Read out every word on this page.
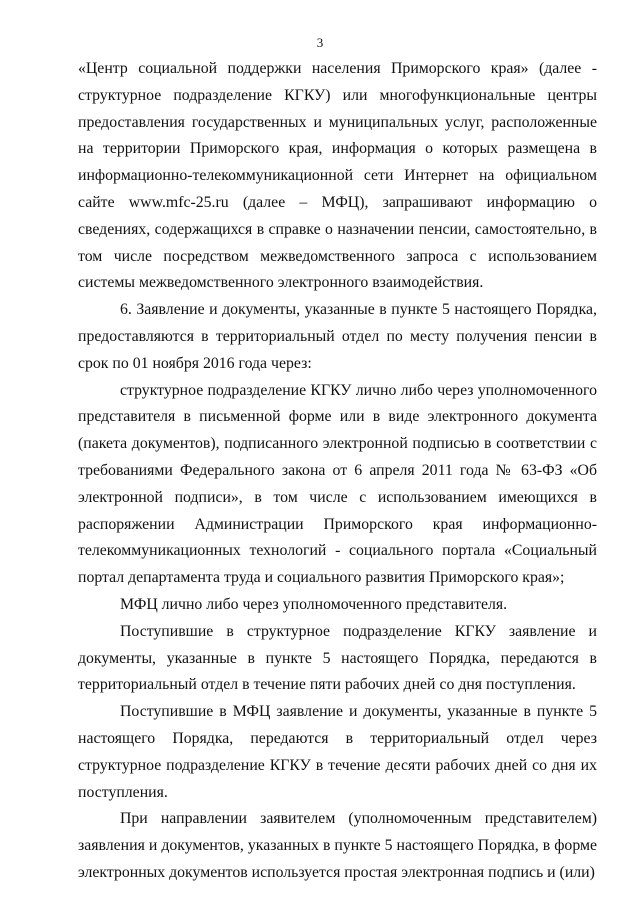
3

«Центр социальной поддержки населения Приморского края» (далее - структурное подразделение КГКУ) или многофункциональные центры предоставления государственных и муниципальных услуг, расположенные на территории Приморского края, информация о которых размещена в информационно-телекоммуникационной сети Интернет на официальном сайте www.mfc-25.ru (далее – МФЦ), запрашивают информацию о сведениях, содержащихся в справке о назначении пенсии, самостоятельно, в том числе посредством межведомственного запроса с использованием системы межведомственного электронного взаимодействия.

6. Заявление и документы, указанные в пункте 5 настоящего Порядка, предоставляются в территориальный отдел по месту получения пенсии в срок по 01 ноября 2016 года через:

структурное подразделение КГКУ лично либо через уполномоченного представителя в письменной форме или в виде электронного документа (пакета документов), подписанного электронной подписью в соответствии с требованиями Федерального закона от 6 апреля 2011 года № 63-ФЗ «Об электронной подписи», в том числе с использованием имеющихся в распоряжении Администрации Приморского края информационно-телекоммуникационных технологий - социального портала «Социальный портал департамента труда и социального развития Приморского края»;

МФЦ лично либо через уполномоченного представителя.

Поступившие в структурное подразделение КГКУ заявление и документы, указанные в пункте 5 настоящего Порядка, передаются в территориальный отдел в течение пяти рабочих дней со дня поступления.

Поступившие в МФЦ заявление и документы, указанные в пункте 5 настоящего Порядка, передаются в территориальный отдел через структурное подразделение КГКУ в течение десяти рабочих дней со дня их поступления.

При направлении заявителем (уполномоченным представителем) заявления и документов, указанных в пункте 5 настоящего Порядка, в форме электронных документов используется простая электронная подпись и (или)
